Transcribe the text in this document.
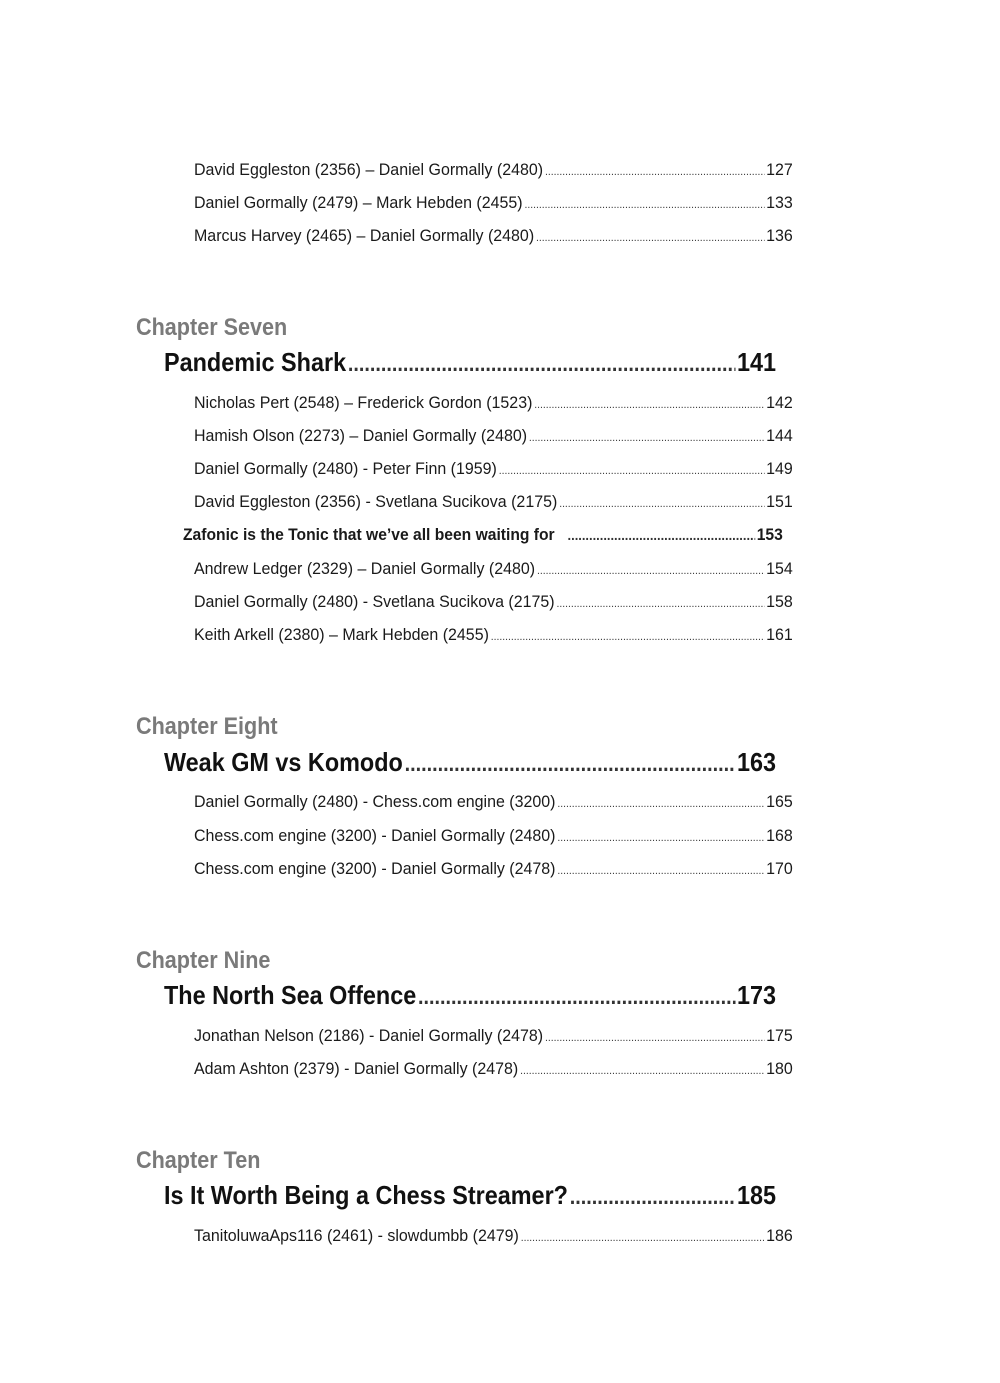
David Eggleston (2356) – Daniel Gormally (2480) .....	127
Daniel Gormally (2479) – Mark Hebden (2455) .....	133
Marcus Harvey (2465) – Daniel Gormally (2480) .....	136
Chapter Seven
Pandemic Shark .....	141
Nicholas Pert (2548) – Frederick Gordon (1523) .....	142
Hamish Olson (2273) – Daniel Gormally (2480) .....	144
Daniel Gormally (2480) - Peter Finn (1959) .....	149
David Eggleston (2356) - Svetlana Sucikova (2175) .....	151
Zafonic is the Tonic that we’ve all been waiting for .....	153
Andrew Ledger (2329) – Daniel Gormally (2480) .....	154
Daniel Gormally (2480) - Svetlana Sucikova (2175) .....	158
Keith Arkell (2380) – Mark Hebden (2455) .....	161
Chapter Eight
Weak GM vs Komodo .....	163
Daniel Gormally (2480) - Chess.com engine (3200) .....	165
Chess.com engine (3200) - Daniel Gormally (2480) .....	168
Chess.com engine (3200) - Daniel Gormally (2478) .....	170
Chapter Nine
The North Sea Offence .....	173
Jonathan Nelson (2186) - Daniel Gormally (2478) .....	175
Adam Ashton (2379) - Daniel Gormally (2478) .....	180
Chapter Ten
Is It Worth Being a Chess Streamer? .....	185
TanitoluwaAps116 (2461) - slowdumbb (2479) .....	186
